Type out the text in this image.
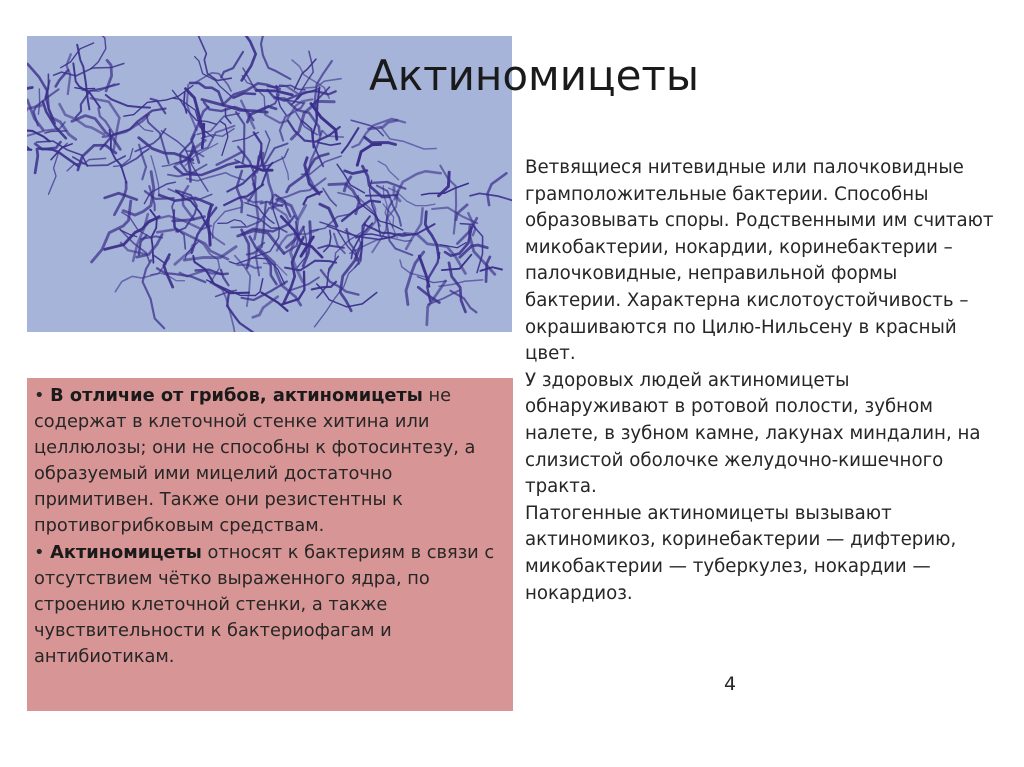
Актиномицеты

Ветвящиеся нитевидные или палочковидные грамположительные бактерии. Способны образовывать споры. Родственными им считают микобактерии, нокардии, коринебактерии – палочковидные, неправильной формы бактерии. Характерна кислотоустойчивость – окрашиваются по Цилю-Нильсену в красный цвет.

У здоровых людей актиномицеты обнаруживают в ротовой полости, зубном налете, в зубном камне, лакунах миндалин, на слизистой оболочке желудочно-кишечного тракта.

Патогенные актиномицеты вызывают актиномикоз, коринебактерии — дифтерию, микобактерии — туберкулез, нокардии — нокардиоз.

• В отличие от грибов, актиномицеты не содержат в клеточной стенке хитина или целлюлозы; они не способны к фотосинтезу, а образуемый ими мицелий достаточно примитивен. Также они резистентны к противогрибковым средствам.

• Актиномицеты относят к бактериям в связи с отсутствием чётко выраженного ядра, по строению клеточной стенки, а также чувствительности к бактериофагам и антибиотикам.

4
